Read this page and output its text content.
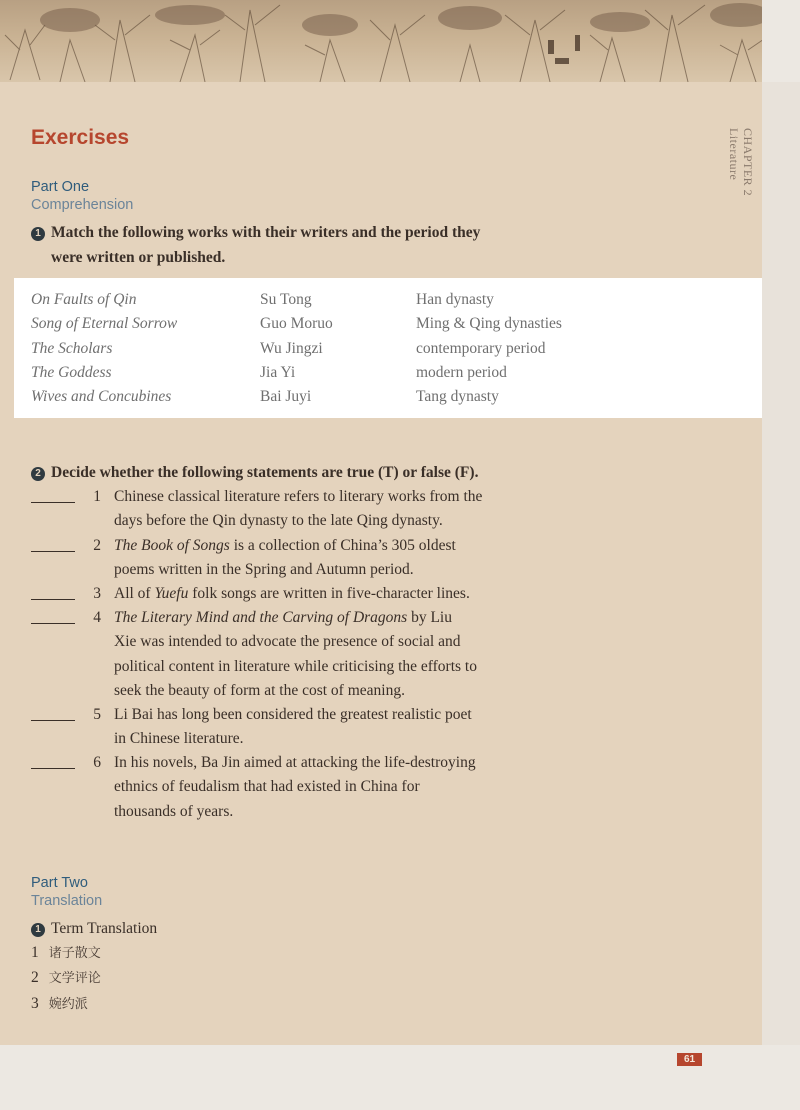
Exercises
Part One
Comprehension
1 Match the following works with their writers and the period they
were written or published.
On Faults of Qin
Song of Eternal Sorrow
The Scholars
The Goddess
Wives and Concubines
Su Tong
Guo Moruo
Wu Jingzi
Jia Yi
Bai Juyi
Han dynasty
Ming & Qing dynasties
contemporary period
modern period
Tang dynasty
2 Decide whether the following statements are true (T) or false (F).
1 Chinese classical literature refers to literary works from the
days before the Qin dynasty to the late Qing dynasty.
2 The Book of Songs is a collection of China’s 305 oldest
poems written in the Spring and Autumn period.
3 All of Yuefu folk songs are written in five-character lines.
4 The Literary Mind and the Carving of Dragons by Liu
Xie was intended to advocate the presence of social and
political content in literature while criticising the efforts to
seek the beauty of form at the cost of meaning.
5 Li Bai has long been considered the greatest realistic poet
in Chinese literature.
6 In his novels, Ba Jin aimed at attacking the life-destroying
ethnics of feudalism that had existed in China for
thousands of years.
Part Two
Translation
1 Term Translation
1 诸子散文
2 文学评论
3 婉约派
CHAPTER 2
Literature
61
